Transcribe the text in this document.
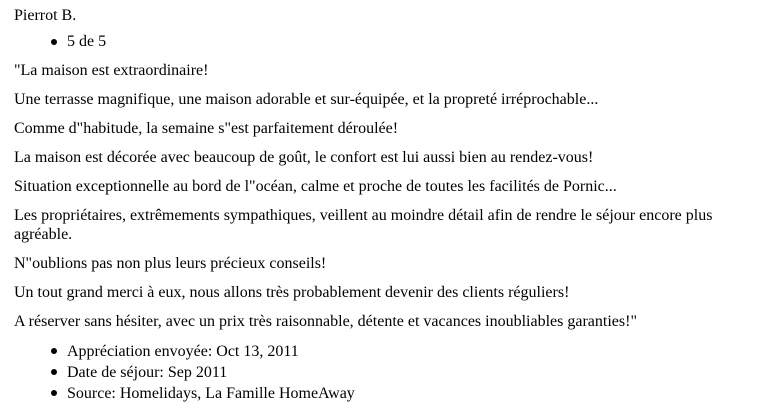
Pierrot B.
5 de 5

"La maison est extraordinaire!

Une terrasse magnifique, une maison adorable et sur-équipée, et la propreté irréprochable...

Comme d"habitude, la semaine s"est parfaitement déroulée!

La maison est décorée avec beaucoup de goût, le confort est lui aussi bien au rendez-vous!

Situation exceptionnelle au bord de l"océan, calme et proche de toutes les facilités de Pornic...

Les propriétaires, extrêmements sympathiques, veillent au moindre détail afin de rendre le séjour encore plus agréable.

N"oublions pas non plus leurs précieux conseils!

Un tout grand merci à eux, nous allons très probablement devenir des clients réguliers!

A réserver sans hésiter, avec un prix très raisonnable, détente et vacances inoubliables garanties!"

Appréciation envoyée: Oct 13, 2011
Date de séjour: Sep 2011
Source: Homelidays, La Famille HomeAway
